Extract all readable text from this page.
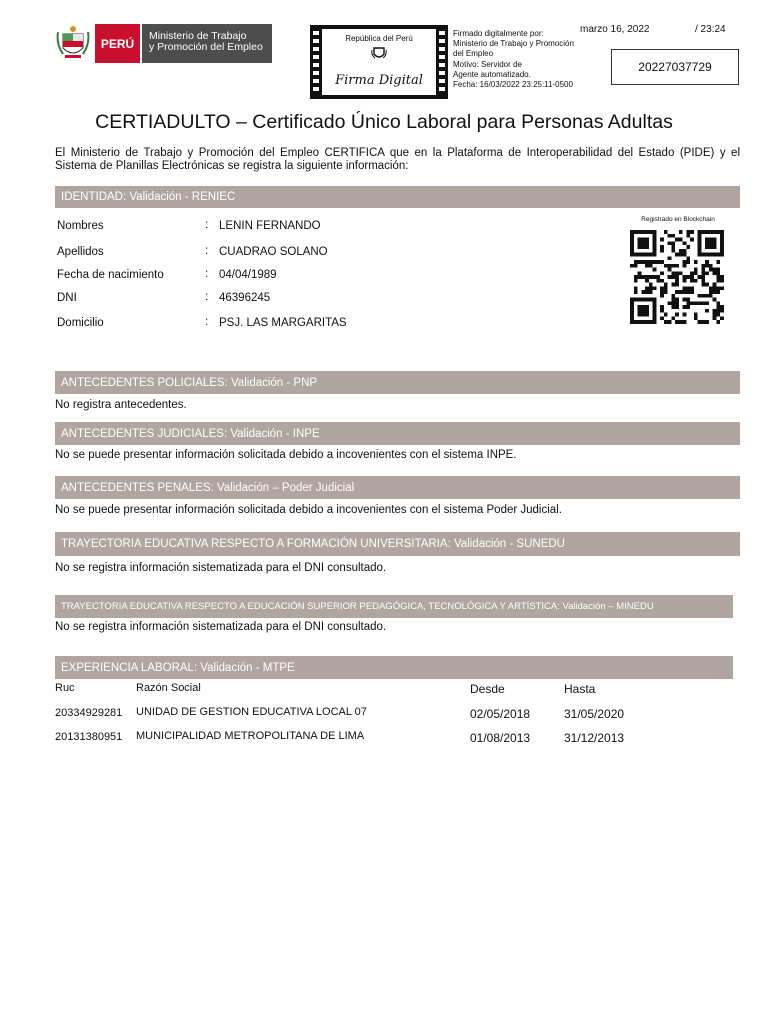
PERÚ
Ministerio de Trabajo
y Promoción del Empleo
República del Perú
Firma Digital
Firmado digitalmente por:
Ministerio de Trabajo y Promoción
del Empleo
Motivo: Servidor de
Agente automatizado.
Fecha: 16/03/2022 23:25:11-0500
marzo 16, 2022	/ 23:24
20227037729
CERTIADULTO – Certificado Único Laboral para Personas Adultas
El Ministerio de Trabajo y Promoción del Empleo CERTIFICA que en la Plataforma de Interoperabilidad del Estado (PIDE) y el Sistema de Planillas Electrónicas se registra la siguiente información:
IDENTIDAD: Validación - RENIEC
Nombres	: LENIN FERNANDO
Apellidos	: CUADRAO SOLANO
Fecha de nacimiento	: 04/04/1989
DNI	: 46396245
Domicilio	: PSJ. LAS MARGARITAS
Registrado en Blockchain
ANTECEDENTES POLICIALES: Validación - PNP
No registra antecedentes.
ANTECEDENTES JUDICIALES: Validación - INPE
No se puede presentar información solicitada debido a incovenientes con el sistema INPE.
ANTECEDENTES PENALES: Validación – Poder Judicial
No se puede presentar información solicitada debido a incovenientes con el sistema Poder Judicial.
TRAYECTORIA EDUCATIVA RESPECTO A FORMACIÓN UNIVERSITARIA: Validación - SUNEDU
No se registra información sistematizada para el DNI consultado.
TRAYECTORIA EDUCATIVA RESPECTO A EDUCACIÓN SUPERIOR PEDAGÓGICA, TECNOLÓGICA Y ARTÍSTICA: Validación – MINEDU
No se registra información sistematizada para el DNI consultado.
EXPERIENCIA LABORAL: Validación - MTPE
Ruc	Razón Social	Desde	Hasta
20334929281 UNIDAD DE GESTION EDUCATIVA LOCAL 07	02/05/2018	31/05/2020
20131380951 MUNICIPALIDAD METROPOLITANA DE LIMA	01/08/2013	31/12/2013
